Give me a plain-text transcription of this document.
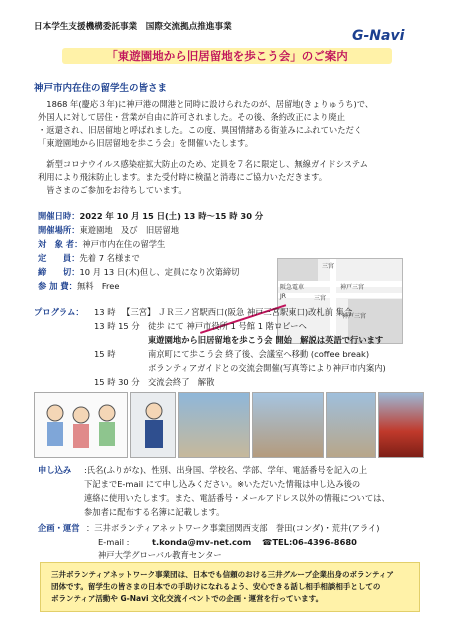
日本学生支援機構委託事業　国際交流拠点推進事業
G-Navi
「東遊園地から旧居留地を歩こう会」のご案内
神戸市内在住の留学生の皆さま
　1868 年(慶応３年)に神戸港の開港と同時に設けられたのが、居留地(きょりゅうち)で、
外国人に対して居住・営業が自由に許可されました。その後、条約改正により廃止
・返還され、旧居留地と呼ばれました。この度、異国情緒ある街並みにふれていただく
「東遊園地から旧居留地を歩こう会」を開催いたします。
　新型コロナウイルス感染症拡大防止のため、定員を７名に限定し、無線ガイドシステム
利用により飛沫防止します。また受付時に検温と消毒にご協力いただきます。
　皆さまのご参加をお待ちしています。
開催日時：2022 年 10 月 15 日(土) 13 時～15 時 30 分
開催場所：東遊園地　及び　旧居留地
対　象 者：神戸市内在住の留学生
定　　員：先着 7 名様まで
締　　切：10 月 13 日(木)但し、定員になり次第締切
参 加 費：無料　Free
三宮
阪急電車	神戸三宮
JR	三宮
神戸三宮
プログラム： 13 時 　【三宮】 ＪＲ三ノ宮駅西口(阪急 神戸三宮駅東口)改札前 集合
13 時 15 分 徒歩 にて 神戸市役所 1 号館 1 階ロビーへ
東遊園地から旧居留地を歩こう会 開始　解説は英語で行います
15 時	南京町にて歩こう会 終了後、会議室へ移動 (coffee break)
ボランティアガイドとの交流会開催(写真等により神戸市内案内)
15 時 30 分 交流会終了　解散
申し込み :氏名(ふりがな)、性別、出身国、学校名、学部、学年、電話番号を記入の上
下記までE-mail にて申し込みください。※いただいた情報は申し込み後の
連絡に使用いたします。また、電話番号・メールアドレス以外の情報については、
参加者に配布する名簿に記載します。
企画・運営 ：三井ボランティアネットワーク事業団関西支部　誉田(コンダ)・荒井(アライ)
E-mail :	t.konda@mv-net.com ☎TEL:06-4396-8680
神戸大学グローバル教育センター

三井ボランティアネットワーク事業団は、日本でも信頼のおける三井グループ企業出身のボランティア

団体です。留学生の皆さまの日本での手助けになれるよう、安心できる話し相手相談相手としての

ボランティア活動や G-Navi 文化交流イベントでの企画・運営を行っています。
